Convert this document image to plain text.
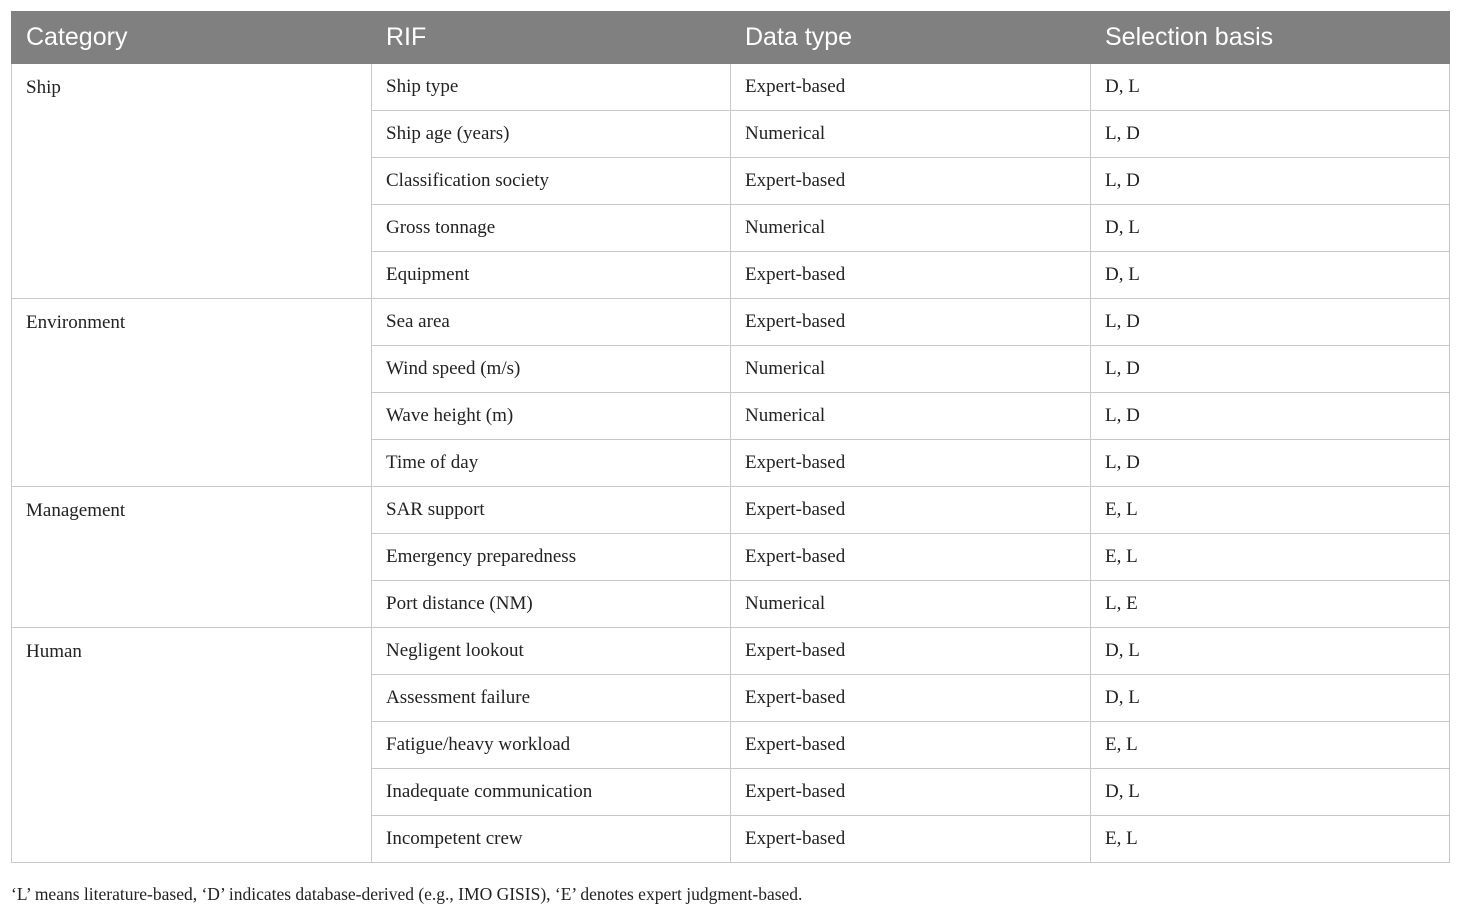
Category	RIF	Data type	Selection basis
Ship	Ship type	Expert-based	D, L
	Ship age (years)	Numerical	L, D
	Classification society	Expert-based	L, D
	Gross tonnage	Numerical	D, L
	Equipment	Expert-based	D, L
Environment	Sea area	Expert-based	L, D
	Wind speed (m/s)	Numerical	L, D
	Wave height (m)	Numerical	L, D
	Time of day	Expert-based	L, D
Management	SAR support	Expert-based	E, L
	Emergency preparedness	Expert-based	E, L
	Port distance (NM)	Numerical	L, E
Human	Negligent lookout	Expert-based	D, L
	Assessment failure	Expert-based	D, L
	Fatigue/heavy workload	Expert-based	E, L
	Inadequate communication	Expert-based	D, L
	Incompetent crew	Expert-based	E, L
‘L’ means literature-based, ‘D’ indicates database-derived (e.g., IMO GISIS), ‘E’ denotes expert judgment-based.
